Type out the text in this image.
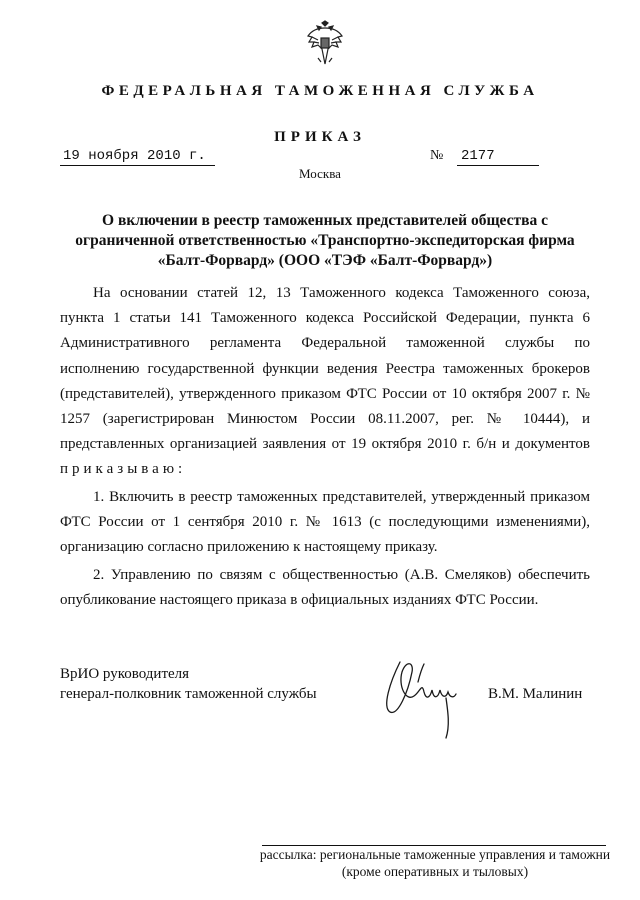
ФЕДЕРАЛЬНАЯ ТАМОЖЕННАЯ СЛУЖБА
ПРИКАЗ
19 ноября 2010 г.	№ 2177
Москва
О включении в реестр таможенных представителей общества с ограниченной ответственностью «Транспортно-экспедиторская фирма «Балт-Форвард» (ООО «ТЭФ «Балт-Форвард»)
На основании статей 12, 13 Таможенного кодекса Таможенного союза, пункта 1 статьи 141 Таможенного кодекса Российской Федерации, пункта 6 Административного регламента Федеральной таможенной службы по исполнению государственной функции ведения Реестра таможенных брокеров (представителей), утвержденного приказом ФТС России от 10 октября 2007 г. № 1257 (зарегистрирован Минюстом России 08.11.2007, рег. № 10444), и представленных организацией заявления от 19 октября 2010 г. б/н и документов приказываю:
1. Включить в реестр таможенных представителей, утвержденный приказом ФТС России от 1 сентября 2010 г. № 1613 (с последующими изменениями), организацию согласно приложению к настоящему приказу.
2. Управлению по связям с общественностью (А.В. Смеляков) обеспечить опубликование настоящего приказа в официальных изданиях ФТС России.
ВрИО руководителя
генерал-полковник таможенной службы	В.М. Малинин
рассылка: региональные таможенные управления и таможни
(кроме оперативных и тыловых)
